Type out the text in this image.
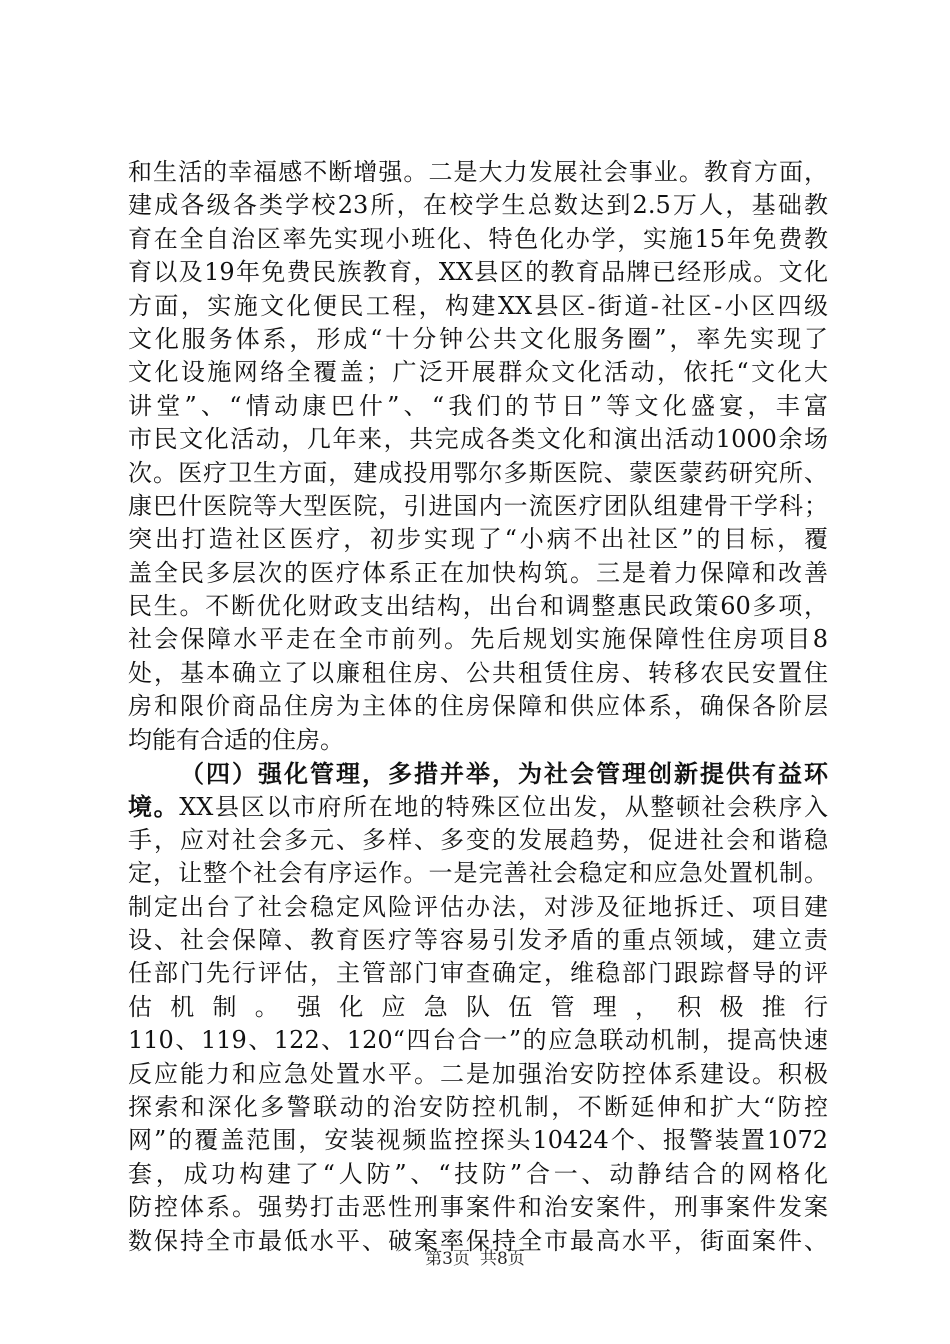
和生活的幸福感不断增强。二是大力发展社会事业。教育方面，
建成各级各类学校23所，在校学生总数达到2.5万人，基础教
育在全自治区率先实现小班化、特色化办学，实施15年免费教
育以及19年免费民族教育，XX县区的教育品牌已经形成。文化
方面，实施文化便民工程，构建XX县区-街道-社区-小区四级
文化服务体系，形成“十分钟公共文化服务圈”，率先实现了
文化设施网络全覆盖；广泛开展群众文化活动，依托“文化大
讲堂”、“情动康巴什”、“我们的节日”等文化盛宴，丰富
市民文化活动，几年来，共完成各类文化和演出活动1000余场
次。医疗卫生方面，建成投用鄂尔多斯医院、蒙医蒙药研究所、
康巴什医院等大型医院，引进国内一流医疗团队组建骨干学科；
突出打造社区医疗，初步实现了“小病不出社区”的目标，覆
盖全民多层次的医疗体系正在加快构筑。三是着力保障和改善
民生。不断优化财政支出结构，出台和调整惠民政策60多项，
社会保障水平走在全市前列。先后规划实施保障性住房项目8
处，基本确立了以廉租住房、公共租赁住房、转移农民安置住
房和限价商品住房为主体的住房保障和供应体系，确保各阶层
均能有合适的住房。
（四）强化管理，多措并举，为社会管理创新提供有益环
境。XX县区以市府所在地的特殊区位出发，从整顿社会秩序入
手，应对社会多元、多样、多变的发展趋势，促进社会和谐稳
定，让整个社会有序运作。一是完善社会稳定和应急处置机制。
制定出台了社会稳定风险评估办法，对涉及征地拆迁、项目建
设、社会保障、教育医疗等容易引发矛盾的重点领域，建立责
任部门先行评估，主管部门审查确定，维稳部门跟踪督导的评
估机制。强化应急队伍管理，积极推行
110、119、122、120“四台合一”的应急联动机制，提高快速
反应能力和应急处置水平。二是加强治安防控体系建设。积极
探索和深化多警联动的治安防控机制，不断延伸和扩大“防控
网”的覆盖范围，安装视频监控探头10424个、报警装置1072
套，成功构建了“人防”、“技防”合一、动静结合的网格化
防控体系。强势打击恶性刑事案件和治安案件，刑事案件发案
数保持全市最低水平、破案率保持全市最高水平，街面案件、
第3页 共8页
